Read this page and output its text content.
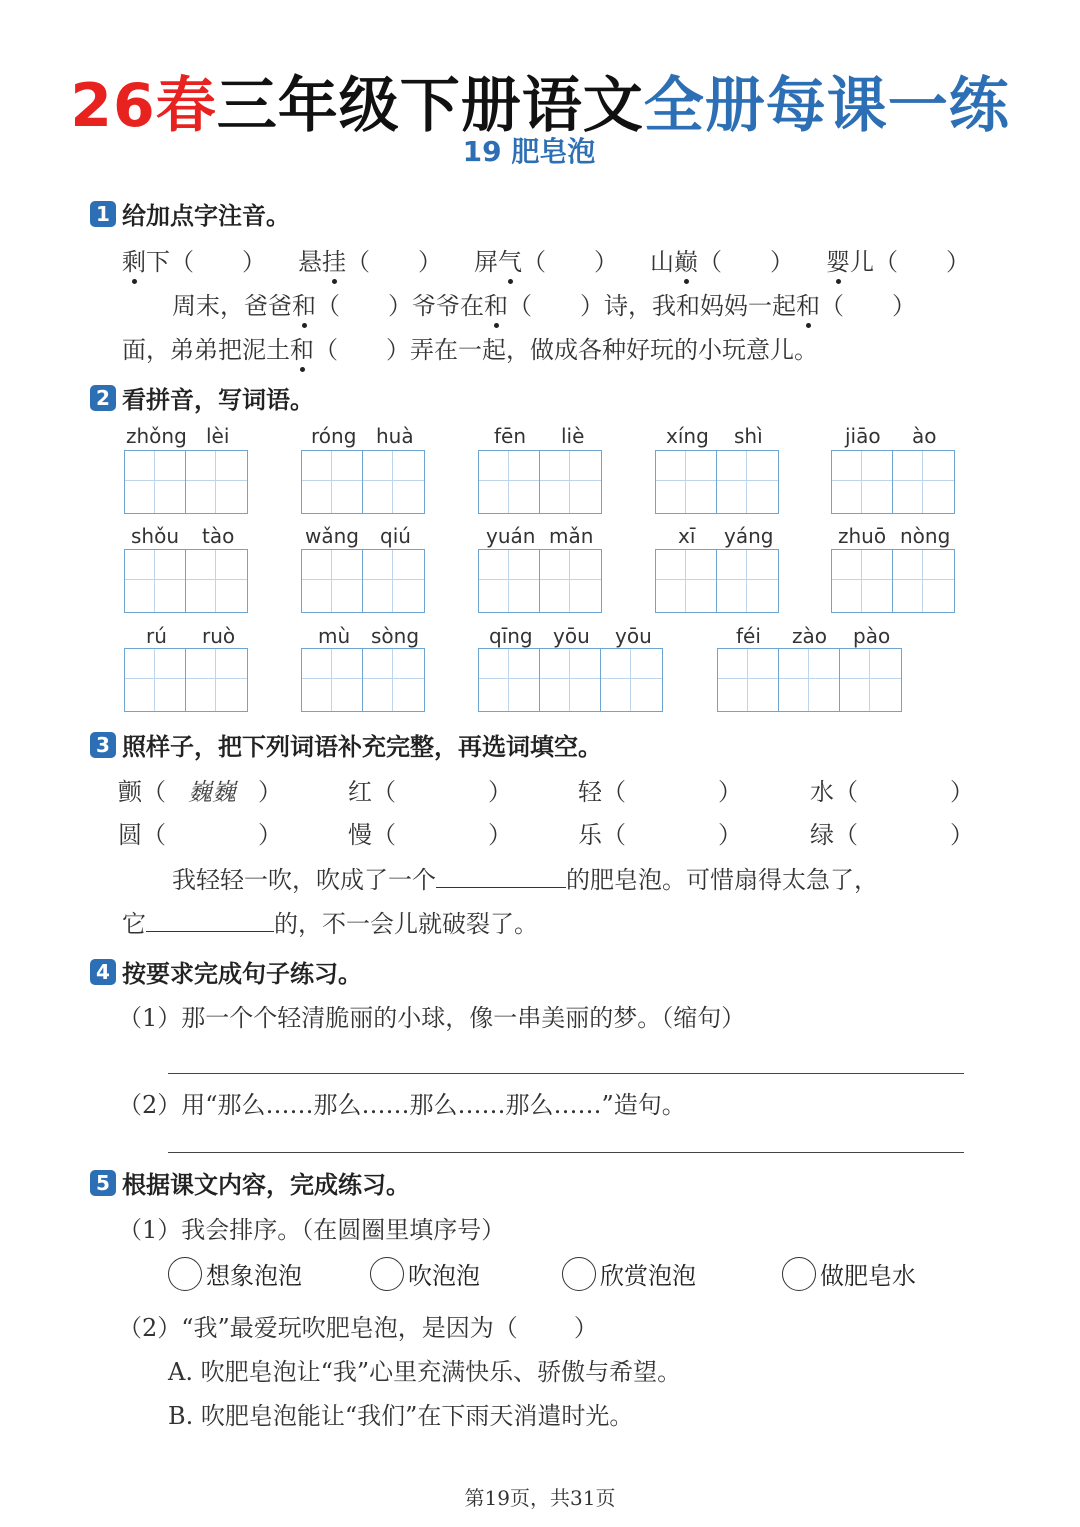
26春三年级下册语文全册每课一练
19 肥皂泡
1 给加点字注音。
剩下（ ） 悬挂（ ） 屏气（ ） 山巅（ ） 婴儿（ ）
周末，爸爸和（ ）爷爷在和（ ）诗，我和妈妈一起和（ ）
面，弟弟把泥土和（ ）弄在一起，做成各种好玩的小玩意儿。
2 看拼音，写词语。
zhǒng lèi	róng huà	fēn liè	xíng shì	jiāo ào
shǒu tào	wǎng qiú	yuán mǎn	xī yáng	zhuō nòng
rú ruò	mù sòng	qīng yōu yōu	féi zào pào
3 照样子，把下列词语补充完整，再选词填空。
颤（ 巍巍 ）	红（	）	轻（	）	水（	）
圆（	）	慢（	）	乐（	）	绿（	）
我轻轻一吹，吹成了一个	的肥皂泡。可惜扇得太急了，
它	的，不一会儿就破裂了。
4 按要求完成句子练习。
（1）那一个个轻清脆丽的小球，像一串美丽的梦。（缩句）
（2）用“那么……那么……那么……那么……”造句。
5 根据课文内容，完成练习。
（1）我会排序。（在圆圈里填序号）
想象泡泡	吹泡泡	欣赏泡泡	做肥皂水
（2）“我”最爱玩吹肥皂泡，是因为（ ）
A. 吹肥皂泡让“我”心里充满快乐、骄傲与希望。
B. 吹肥皂泡能让“我们”在下雨天消遣时光。
第19页，共31页
